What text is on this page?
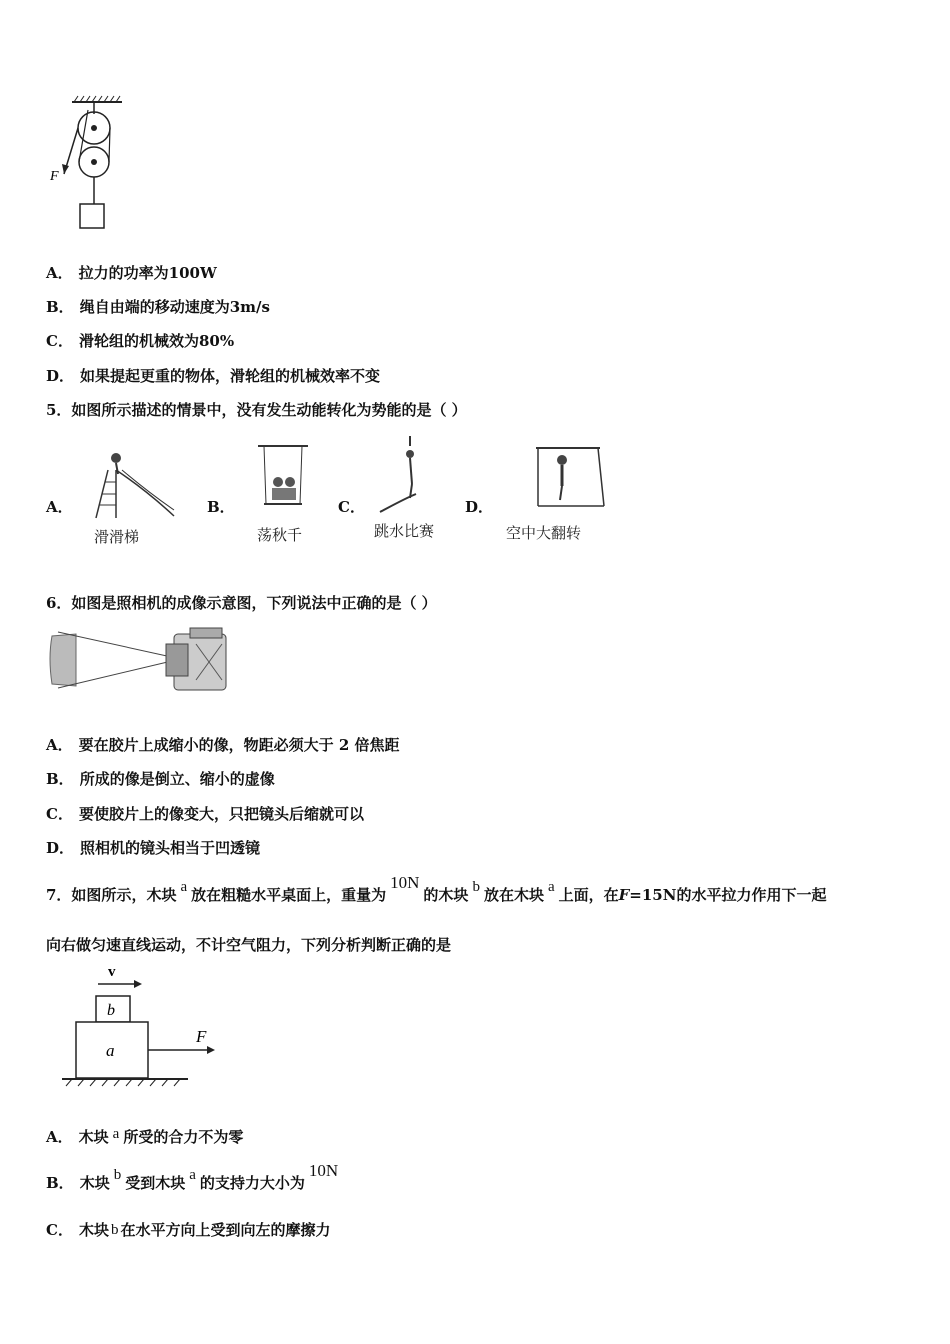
F
A． 拉力的功率为100W
B． 绳自由端的移动速度为3m/s
C． 滑轮组的机械效为80%
D． 如果提起更重的物体，滑轮组的机械效率不变
5．如图所示描述的情景中，没有发生动能转化为势能的是（ ）
A．
滑滑梯
B．
荡秋千
C．
跳水比赛
D．
空中大翻转
6．如图是照相机的成像示意图，下列说法中正确的是（ ）
A． 要在胶片上成缩小的像，物距必须大于 2 倍焦距
B． 所成的像是倒立、缩小的虚像
C． 要使胶片上的像变大，只把镜头后缩就可以
D． 照相机的镜头相当于凹透镜
7．如图所示，木块 a 放在粗糙水平桌面上，重量为10N的木块 b 放在木块 a 上面，在F=15N的水平拉力作用下一起
向右做匀速直线运动，不计空气阻力，下列分析判断正确的是
v
b
a
F
A． 木块 a 所受的合力不为零
B． 木块 b 受到木块 a 的支持力大小为10N
C． 木块 b 在水平方向上受到向左的摩擦力
